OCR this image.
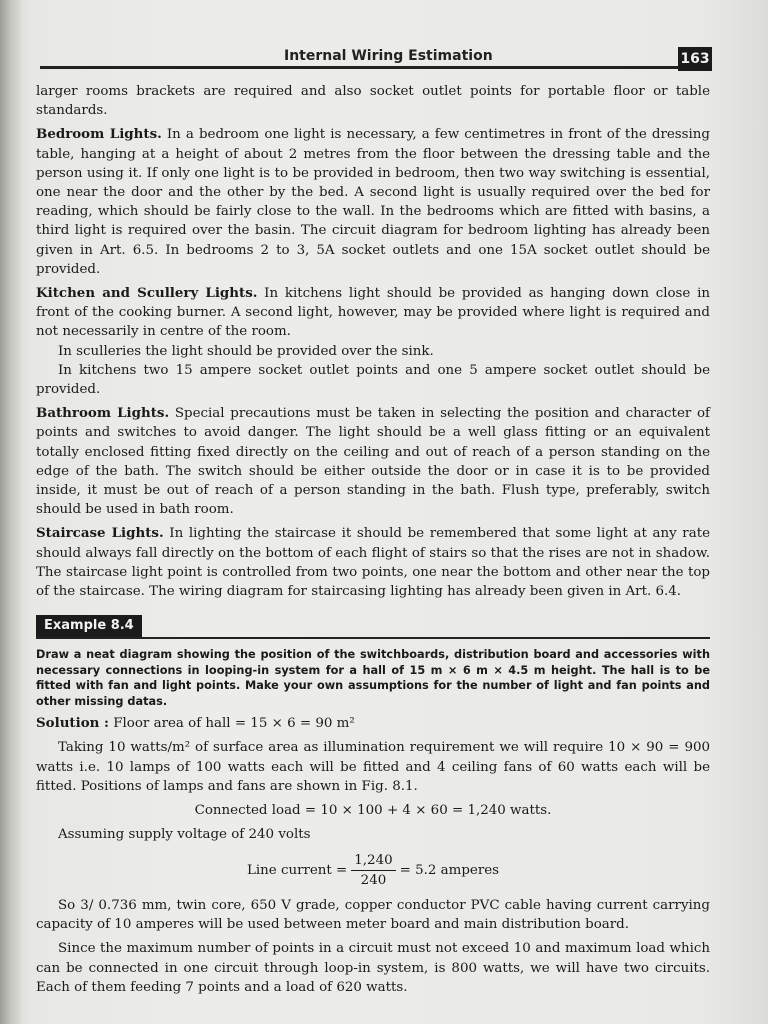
Internal Wiring Estimation	163

larger rooms brackets are required and also socket outlet points for portable floor or table standards.

Bedroom Lights. In a bedroom one light is necessary, a few centimetres in front of the dressing table, hanging at a height of about 2 metres from the floor between the dressing table and the person using it. If only one light is to be provided in bedroom, then two way switching is essential, one near the door and the other by the bed. A second light is usually required over the bed for reading, which should be fairly close to the wall. In the bedrooms which are fitted with basins, a third light is required over the basin. The circuit diagram for bedroom lighting has already been given in Art. 6.5. In bedrooms 2 to 3, 5A socket outlets and one 15A socket outlet should be provided.

Kitchen and Scullery Lights. In kitchens light should be provided as hanging down close in front of the cooking burner. A second light, however, may be provided where light is required and not necessarily in centre of the room.

In sculleries the light should be provided over the sink.

In kitchens two 15 ampere socket outlet points and one 5 ampere socket outlet should be provided.

Bathroom Lights. Special precautions must be taken in selecting the position and character of points and switches to avoid danger. The light should be a well glass fitting or an equivalent totally enclosed fitting fixed directly on the ceiling and out of reach of a person standing on the edge of the bath. The switch should be either outside the door or in case it is to be provided inside, it must be out of reach of a person standing in the bath. Flush type, preferably, switch should be used in bath room.

Staircase Lights. In lighting the staircase it should be remembered that some light at any rate should always fall directly on the bottom of each flight of stairs so that the rises are not in shadow. The staircase light point is controlled from two points, one near the bottom and other near the top of the staircase. The wiring diagram for staircasing lighting has already been given in Art. 6.4.

Example 8.4

Draw a neat diagram showing the position of the switchboards, distribution board and accessories with necessary connections in looping-in system for a hall of 15 m × 6 m × 4.5 m height. The hall is to be fitted with fan and light points. Make your own assumptions for the number of light and fan points and other missing datas.

Solution : Floor area of hall = 15 × 6 = 90 m²

Taking 10 watts/m² of surface area as illumination requirement we will require 10 × 90 = 900 watts i.e. 10 lamps of 100 watts each will be fitted and 4 ceiling fans of 60 watts each will be fitted. Positions of lamps and fans are shown in Fig. 8.1.

Connected load = 10 × 100 + 4 × 60 = 1,240 watts.

Assuming supply voltage of 240 volts

Line current = $\frac{1,240}{240} = 5.2$ amperes

So 3/ 0.736 mm, twin core, 650 V grade, copper conductor PVC cable having current carrying capacity of 10 amperes will be used between meter board and main distribution board.

Since the maximum number of points in a circuit must not exceed 10 and maximum load which can be connected in one circuit through loop-in system, is 800 watts, we will have two circuits. Each of them feeding 7 points and a load of 620 watts.
